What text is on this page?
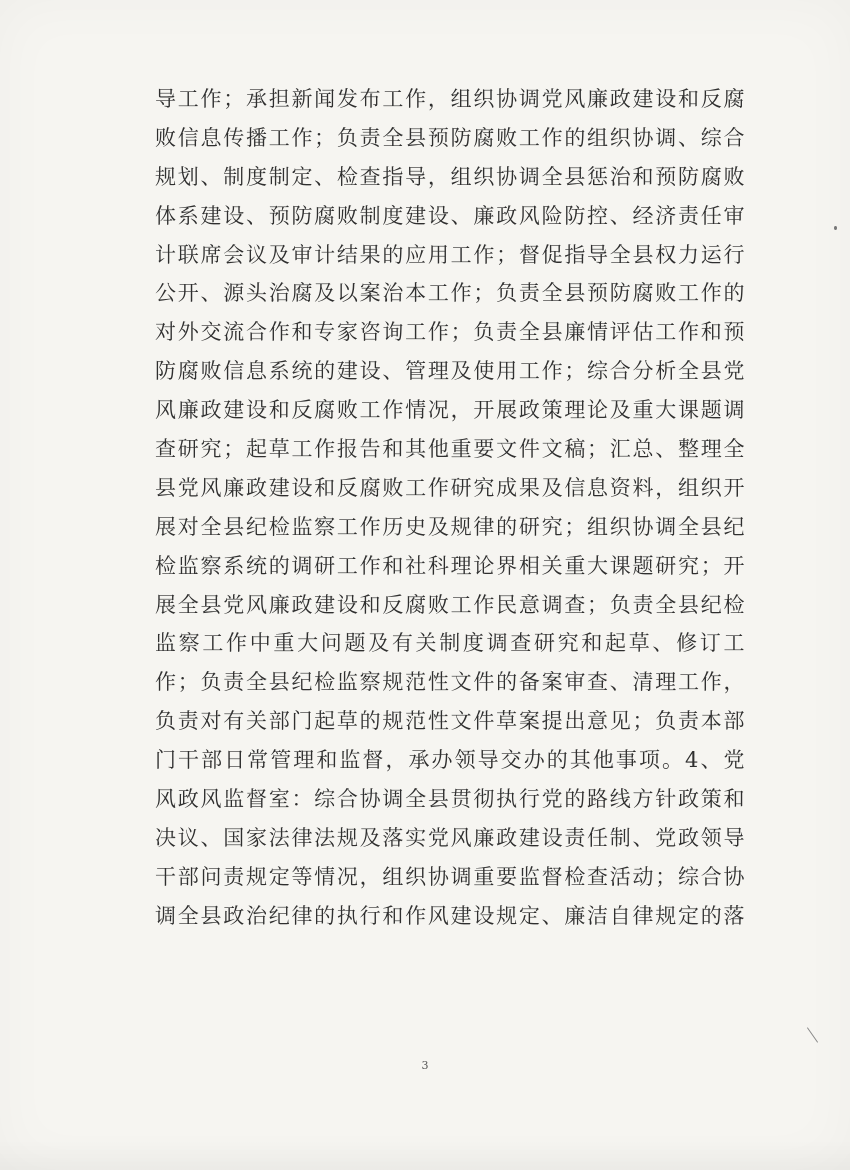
导工作；承担新闻发布工作，组织协调党风廉政建设和反腐
败信息传播工作；负责全县预防腐败工作的组织协调、综合
规划、制度制定、检查指导，组织协调全县惩治和预防腐败
体系建设、预防腐败制度建设、廉政风险防控、经济责任审
计联席会议及审计结果的应用工作；督促指导全县权力运行
公开、源头治腐及以案治本工作；负责全县预防腐败工作的
对外交流合作和专家咨询工作；负责全县廉情评估工作和预
防腐败信息系统的建设、管理及使用工作；综合分析全县党
风廉政建设和反腐败工作情况，开展政策理论及重大课题调
查研究；起草工作报告和其他重要文件文稿；汇总、整理全
县党风廉政建设和反腐败工作研究成果及信息资料，组织开
展对全县纪检监察工作历史及规律的研究；组织协调全县纪
检监察系统的调研工作和社科理论界相关重大课题研究；开
展全县党风廉政建设和反腐败工作民意调查；负责全县纪检
监察工作中重大问题及有关制度调查研究和起草、修订工
作；负责全县纪检监察规范性文件的备案审查、清理工作，
负责对有关部门起草的规范性文件草案提出意见；负责本部
门干部日常管理和监督，承办领导交办的其他事项。4、党
风政风监督室：综合协调全县贯彻执行党的路线方针政策和
决议、国家法律法规及落实党风廉政建设责任制、党政领导
干部问责规定等情况，组织协调重要监督检查活动；综合协
调全县政治纪律的执行和作风建设规定、廉洁自律规定的落
3
